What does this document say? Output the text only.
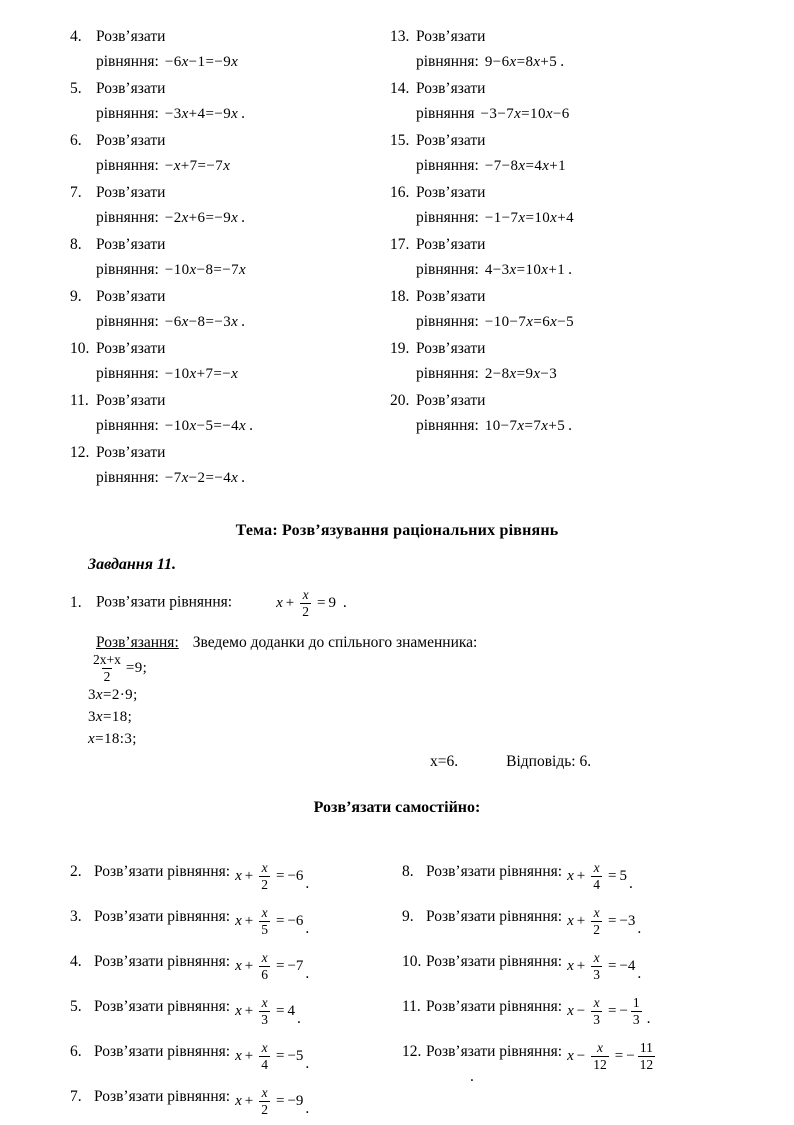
4. Розв’язати
рівняння: −6x−1=−9x
5. Розв’язати
рівняння: −3x+4=−9x .
6. Розв’язати
рівняння: −x+7=−7x
7. Розв’язати
рівняння: −2x+6=−9x .
8. Розв’язати
рівняння: −10x−8=−7x
9. Розв’язати
рівняння: −6x−8=−3x .
10. Розв’язати
рівняння: −10x+7=−x
11. Розв’язати
рівняння: −10x−5=−4x .
12. Розв’язати
рівняння: −7x−2=−4x .
13. Розв’язати
рівняння: 9−6x=8x+5 .
14. Розв’язати
рівняння −3−7x=10x−6
15. Розв’язати
рівняння: −7−8x=4x+1
16. Розв’язати
рівняння: −1−7x=10x+4
17. Розв’язати
рівняння: 4−3x=10x+1 .
18. Розв’язати
рівняння: −10−7x=6x−5
19. Розв’язати
рівняння: 2−8x=9x−3
20. Розв’язати
рівняння: 10−7x=7x+5 .
Тема: Розв’язування раціональних рівнянь
Завдання 11.
1. Розв’язати рівняння:	$x + \frac{x}{2} = 9$ .
Розв’язання: Зведемо доданки до спільного знаменника:
$\frac{2x+x}{2} =9$;
3x=2·9;
3x=18;
x=18:3;
x=6.	Відповідь: 6.
Розв’язати самостійно:
2. Розв’язати рівняння: $x + \frac{x}{2} = -6$ .
3. Розв’язати рівняння: $x + \frac{x}{5} = -6$ .
4. Розв’язати рівняння: $x + \frac{x}{6} = -7$ .
5. Розв’язати рівняння: $x + \frac{x}{3} = 4$ .
6. Розв’язати рівняння: $x + \frac{x}{4} = -5$ .
7. Розв’язати рівняння: $x + \frac{x}{2} = -9$ .
8. Розв’язати рівняння: $x + \frac{x}{4} = 5$ .
9. Розв’язати рівняння: $x + \frac{x}{2} = -3$ .
10. Розв’язати рівняння: $x + \frac{x}{3} = -4$ .
11. Розв’язати рівняння: $x - \frac{x}{3}$ = − $\frac{1}{3}$ .
12. Розв’язати рівняння: $x - \frac{x}{12}$ = − $\frac{11}{12}$
.
